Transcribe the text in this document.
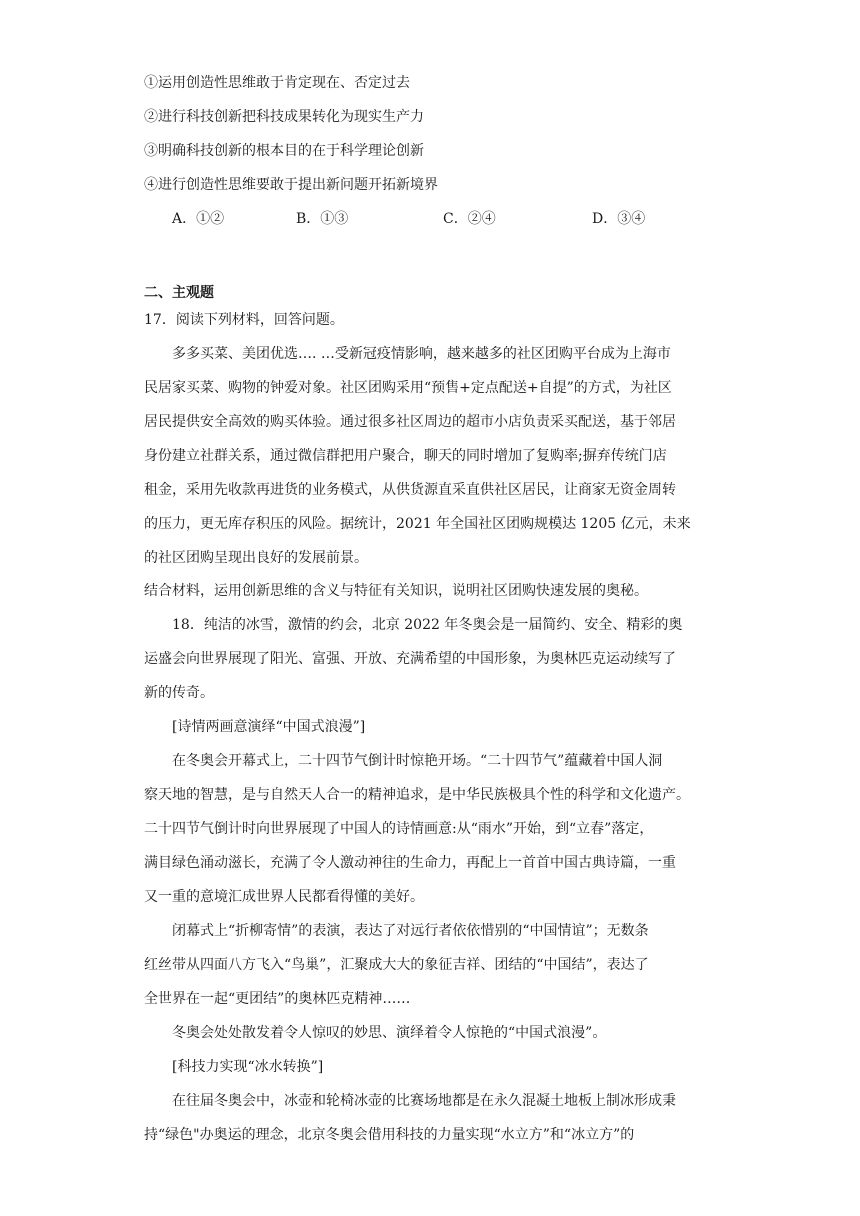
①运用创造性思维敢于肯定现在、否定过去
②进行科技创新把科技成果转化为现实生产力
③明确科技创新的根本目的在于科学理论创新
④进行创造性思维要敢于提出新问题开拓新境界
A．①②	B．①③	C．②④	D．③④
二、主观题
17．阅读下列材料，回答问题。
多多买菜、美团优选…. …受新冠疫情影响，越来越多的社区团购平台成为上海市
民居家买菜、购物的钟爱对象。社区团购采用“预售+定点配送+自提”的方式，为社区
居民提供安全高效的购买体验。通过很多社区周边的超市小店负责采买配送，基于邻居
身份建立社群关系，通过微信群把用户聚合，聊天的同时增加了复购率;摒弃传统门店
租金，采用先收款再进货的业务模式，从供货源直采直供社区居民，让商家无资金周转
的压力，更无库存积压的风险。据统计，2021 年全国社区团购规模达 1205 亿元，未来
的社区团购呈现出良好的发展前景。
结合材料，运用创新思维的含义与特征有关知识，说明社区团购快速发展的奥秘。
18．纯洁的冰雪，激情的约会，北京 2022 年冬奥会是一届简约、安全、精彩的奥
运盛会向世界展现了阳光、富强、开放、充满希望的中国形象，为奥林匹克运动续写了
新的传奇。
[诗情两画意演绎“中国式浪漫”]
在冬奥会开幕式上，二十四节气倒计时惊艳开场。“二十四节气”蕴藏着中国人洞
察天地的智慧，是与自然天人合一的精神追求，是中华民族极具个性的科学和文化遗产。
二十四节气倒计时向世界展现了中国人的诗情画意:从“雨水”开始，到“立春”落定，
满目绿色涌动滋长，充满了令人激动神往的生命力，再配上一首首中国古典诗篇，一重
又一重的意境汇成世界人民都看得懂的美好。
闭幕式上“折柳寄情”的表演，表达了对远行者依依惜别的“中国情谊”；无数条
红丝带从四面八方飞入“鸟巢”，汇聚成大大的象征吉祥、团结的“中国结”，表达了
全世界在一起“更团结”的奥林匹克精神……
冬奥会处处散发着令人惊叹的妙思、演绎着令人惊艳的“中国式浪漫”。
[科技力实现“冰水转换”]
在往届冬奥会中，冰壶和轮椅冰壶的比赛场地都是在永久混凝土地板上制冰形成秉
持“绿色"办奥运的理念，北京冬奥会借用科技的力量实现“水立方”和“冰立方”的
